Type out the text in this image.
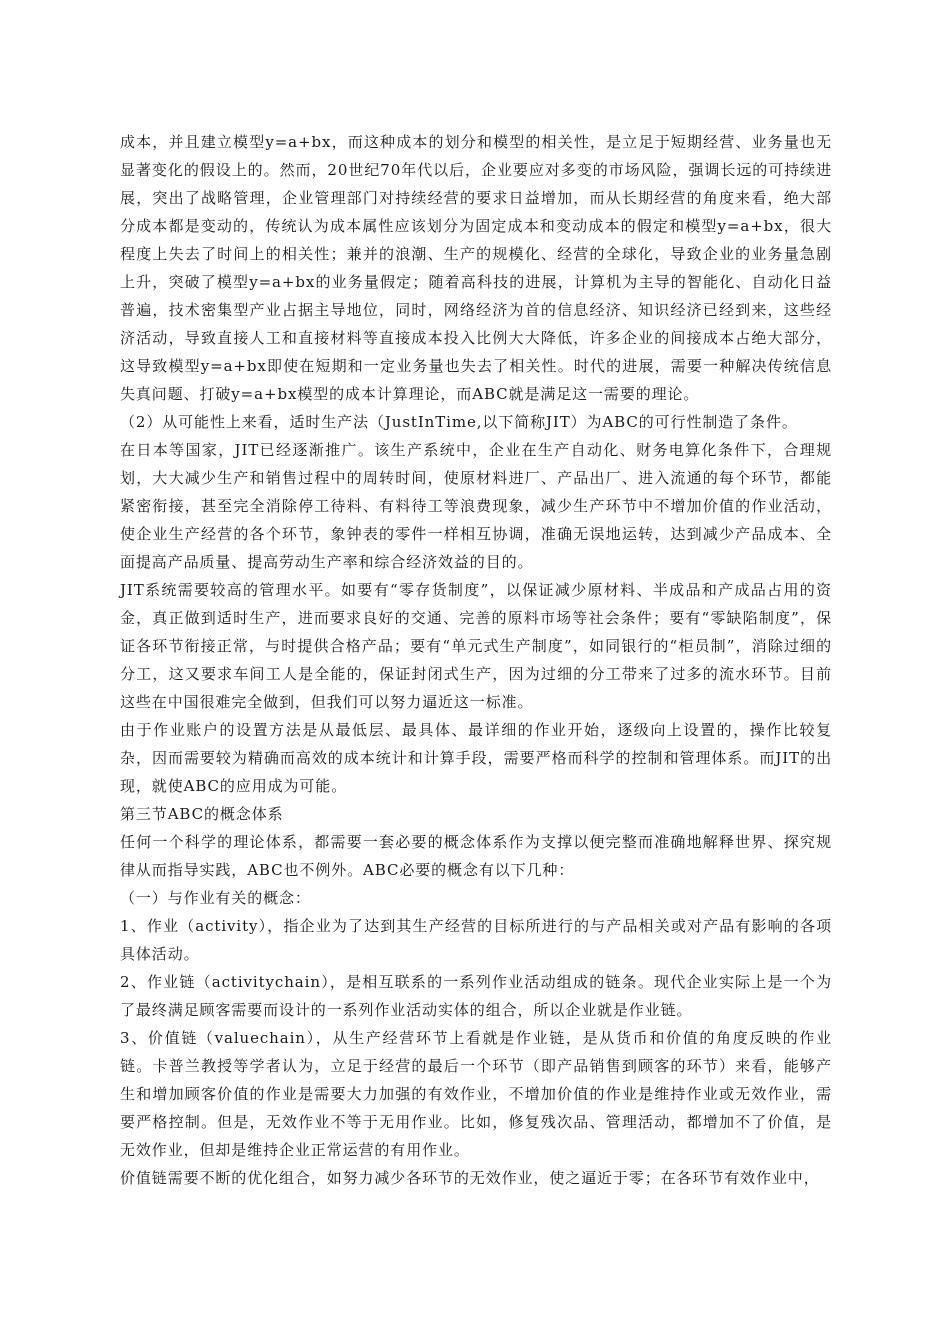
成本，并且建立模型y=a+bx，而这种成本的划分和模型的相关性，是立足于短期经营、业务量也无显著变化的假设上的。然而，20世纪70年代以后，企业要应对多变的市场风险，强调长远的可持续进展，突出了战略管理，企业管理部门对持续经营的要求日益增加，而从长期经营的角度来看，绝大部分成本都是变动的，传统认为成本属性应该划分为固定成本和变动成本的假定和模型y=a+bx，很大程度上失去了时间上的相关性；兼并的浪潮、生产的规模化、经营的全球化，导致企业的业务量急剧上升，突破了模型y=a+bx的业务量假定；随着高科技的进展，计算机为主导的智能化、自动化日益普遍，技术密集型产业占据主导地位，同时，网络经济为首的信息经济、知识经济已经到来，这些经济活动，导致直接人工和直接材料等直接成本投入比例大大降低，许多企业的间接成本占绝大部分，这导致模型y=a+bx即使在短期和一定业务量也失去了相关性。时代的进展，需要一种解决传统信息失真问题、打破y=a+bx模型的成本计算理论，而ABC就是满足这一需要的理论。

（2）从可能性上来看，适时生产法（JustInTime,以下简称JIT）为ABC的可行性制造了条件。

在日本等国家，JIT已经逐渐推广。该生产系统中，企业在生产自动化、财务电算化条件下，合理规划，大大减少生产和销售过程中的周转时间，使原材料进厂、产品出厂、进入流通的每个环节，都能紧密衔接，甚至完全消除停工待料、有料待工等浪费现象，减少生产环节中不增加价值的作业活动，使企业生产经营的各个环节，象钟表的零件一样相互协调，准确无误地运转，达到减少产品成本、全面提高产品质量、提高劳动生产率和综合经济效益的目的。

JIT系统需要较高的管理水平。如要有“零存货制度”，以保证减少原材料、半成品和产成品占用的资金，真正做到适时生产，进而要求良好的交通、完善的原料市场等社会条件；要有“零缺陷制度”，保证各环节衔接正常，与时提供合格产品；要有“单元式生产制度”，如同银行的“柜员制”，消除过细的分工，这又要求车间工人是全能的，保证封闭式生产，因为过细的分工带来了过多的流水环节。目前这些在中国很难完全做到，但我们可以努力逼近这一标准。

由于作业账户的设置方法是从最低层、最具体、最详细的作业开始，逐级向上设置的，操作比较复杂，因而需要较为精确而高效的成本统计和计算手段，需要严格而科学的控制和管理体系。而JIT的出现，就使ABC的应用成为可能。

第三节ABC的概念体系

任何一个科学的理论体系，都需要一套必要的概念体系作为支撑以便完整而准确地解释世界、探究规律从而指导实践，ABC也不例外。ABC必要的概念有以下几种：

（一）与作业有关的概念：

1、作业（activity），指企业为了达到其生产经营的目标所进行的与产品相关或对产品有影响的各项具体活动。

2、作业链（activitychain），是相互联系的一系列作业活动组成的链条。现代企业实际上是一个为了最终满足顾客需要而设计的一系列作业活动实体的组合，所以企业就是作业链。

3、价值链（valuechain），从生产经营环节上看就是作业链，是从货币和价值的角度反映的作业链。卡普兰教授等学者认为，立足于经营的最后一个环节（即产品销售到顾客的环节）来看，能够产生和增加顾客价值的作业是需要大力加强的有效作业，不增加价值的作业是维持作业或无效作业，需要严格控制。但是，无效作业不等于无用作业。比如，修复残次品、管理活动，都增加不了价值，是无效作业，但却是维持企业正常运营的有用作业。

价值链需要不断的优化组合，如努力减少各环节的无效作业，使之逼近于零；在各环节有效作业中，
